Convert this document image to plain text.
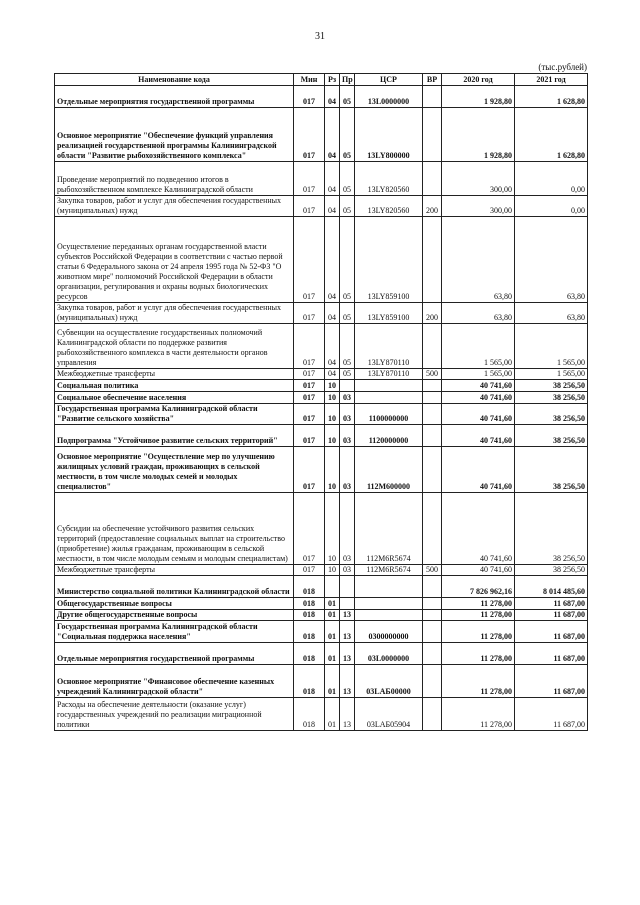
31
(тыс.рублей)
Наименование кода	Мин	Рз	Пр	ЦСР	ВР	2020 год	2021 год
Отдельные мероприятия государственной программы	017	04	05	13L0000000		1 928,80	1 628,80
Основное мероприятие "Обеспечение функций управления реализацией государственной программы Калининградской области "Развитие рыбохозяйственного комплекса"	017	04	05	13LY800000		1 928,80	1 628,80
Проведение мероприятий по подведению итогов в рыбохозяйственном комплексе Калининградской области	017	04	05	13LY820560		300,00	0,00
Закупка товаров, работ и услуг для обеспечения государственных (муниципальных) нужд	017	04	05	13LY820560	200	300,00	0,00
Осуществление переданных органам государственной власти субъектов Российской Федерации в соответствии с частью первой статьи 6 Федерального закона от 24 апреля 1995 года № 52-ФЗ "О животном мире" полномочий Российской Федерации в области организации, регулирования и охраны водных биологических ресурсов	017	04	05	13LY859100		63,80	63,80
Закупка товаров, работ и услуг для обеспечения государственных (муниципальных) нужд	017	04	05	13LY859100	200	63,80	63,80
Субвенции на осуществление государственных полномочий Калининградской области по поддержке развития рыбохозяйственного комплекса в части деятельности органов управления	017	04	05	13LY870110		1 565,00	1 565,00
Межбюджетные трансферты	017	04	05	13LY870110	500	1 565,00	1 565,00
Социальная политика	017	10				40 741,60	38 256,50
Социальное обеспечение населения	017	10	03			40 741,60	38 256,50
Государственная программа Калининградской области "Развитие сельского хозяйства"	017	10	03	1100000000		40 741,60	38 256,50
Подпрограмма "Устойчивое развитие сельских территорий"	017	10	03	1120000000		40 741,60	38 256,50
Основное мероприятие "Осуществление мер по улучшению жилищных условий граждан, проживающих в сельской местности, в том числе молодых семей и молодых специалистов"	017	10	03	112М600000		40 741,60	38 256,50
Субсидии на обеспечение устойчивого развития сельских территорий (предоставление социальных выплат на строительство (приобретение) жилья гражданам, проживающим в сельской местности, в том числе молодым семьям и молодым специалистам)	017	10	03	112M6R5674		40 741,60	38 256,50
Межбюджетные трансферты	017	10	03	112M6R5674	500	40 741,60	38 256,50
Министерство социальной политики Калининградской области	018					7 826 962,16	8 014 485,60
Общегосударственные вопросы	018	01				11 278,00	11 687,00
Другие общегосударственные вопросы	018	01	13			11 278,00	11 687,00
Государственная программа Калининградской области "Социальная поддержка населения"	018	01	13	0300000000		11 278,00	11 687,00
Отдельные мероприятия государственной программы	018	01	13	03L0000000		11 278,00	11 687,00
Основное мероприятие "Финансовое обеспечение казенных учреждений Калининградской области"	018	01	13	03LАБ00000		11 278,00	11 687,00
Расходы на обеспечение деятельности (оказание услуг) государственных учреждений по реализации миграционной политики	018	01	13	03LАБ05904		11 278,00	11 687,00
